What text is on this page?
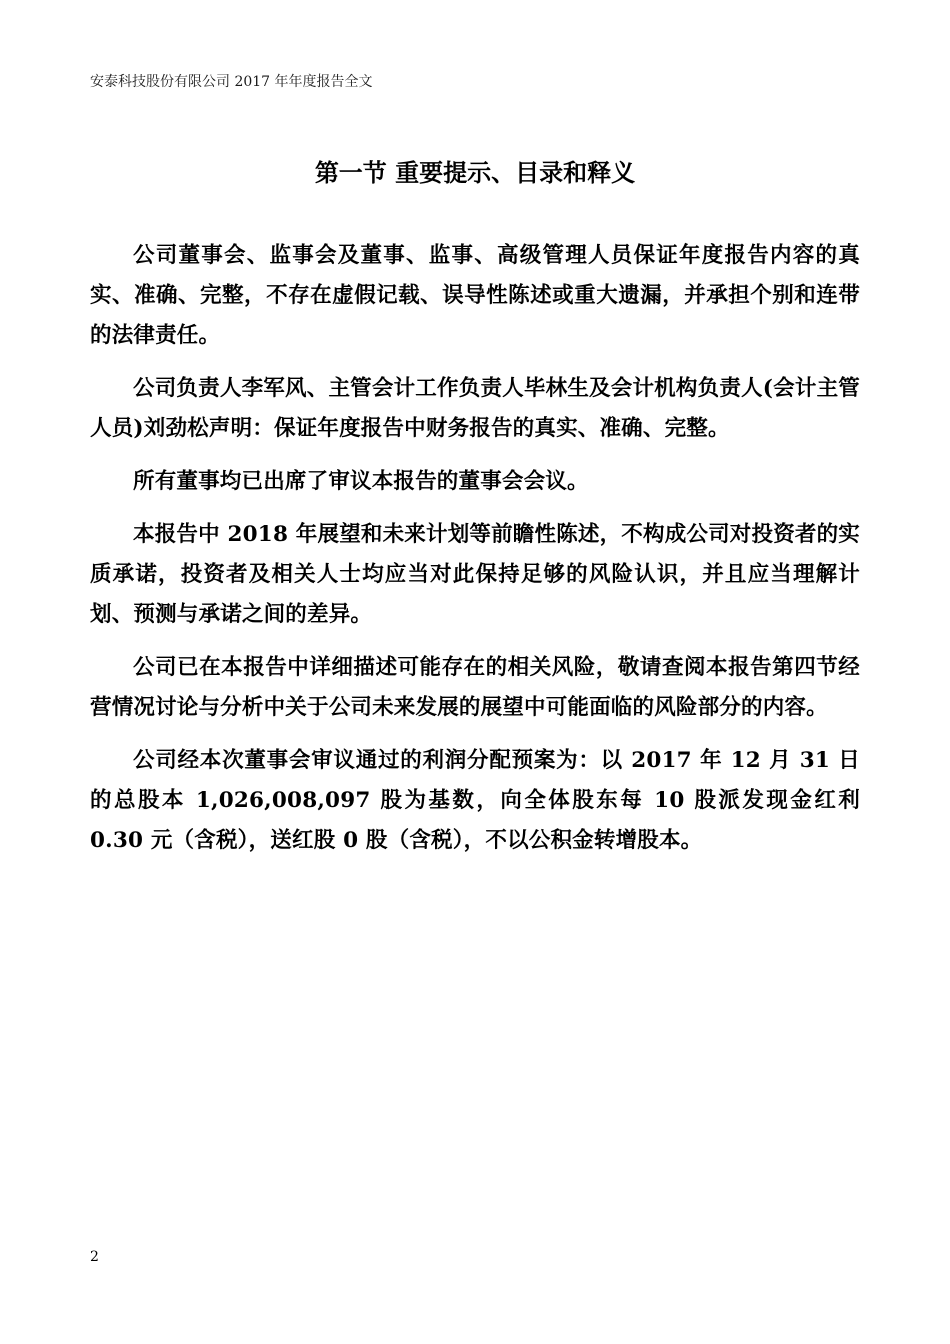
安泰科技股份有限公司 2017 年年度报告全文
第一节 重要提示、目录和释义

公司董事会、监事会及董事、监事、高级管理人员保证年度报告内容的真实、准确、完整，不存在虚假记载、误导性陈述或重大遗漏，并承担个别和连带的法律责任。

公司负责人李军风、主管会计工作负责人毕林生及会计机构负责人(会计主管人员)刘劲松声明：保证年度报告中财务报告的真实、准确、完整。

所有董事均已出席了审议本报告的董事会会议。

本报告中 2018 年展望和未来计划等前瞻性陈述，不构成公司对投资者的实质承诺，投资者及相关人士均应当对此保持足够的风险认识，并且应当理解计划、预测与承诺之间的差异。

公司已在本报告中详细描述可能存在的相关风险，敬请查阅本报告第四节经营情况讨论与分析中关于公司未来发展的展望中可能面临的风险部分的内容。

公司经本次董事会审议通过的利润分配预案为：以 2017 年 12 月 31 日的总股本 1,026,008,097 股为基数，向全体股东每 10 股派发现金红利 0.30 元（含税），送红股 0 股（含税），不以公积金转增股本。

2
